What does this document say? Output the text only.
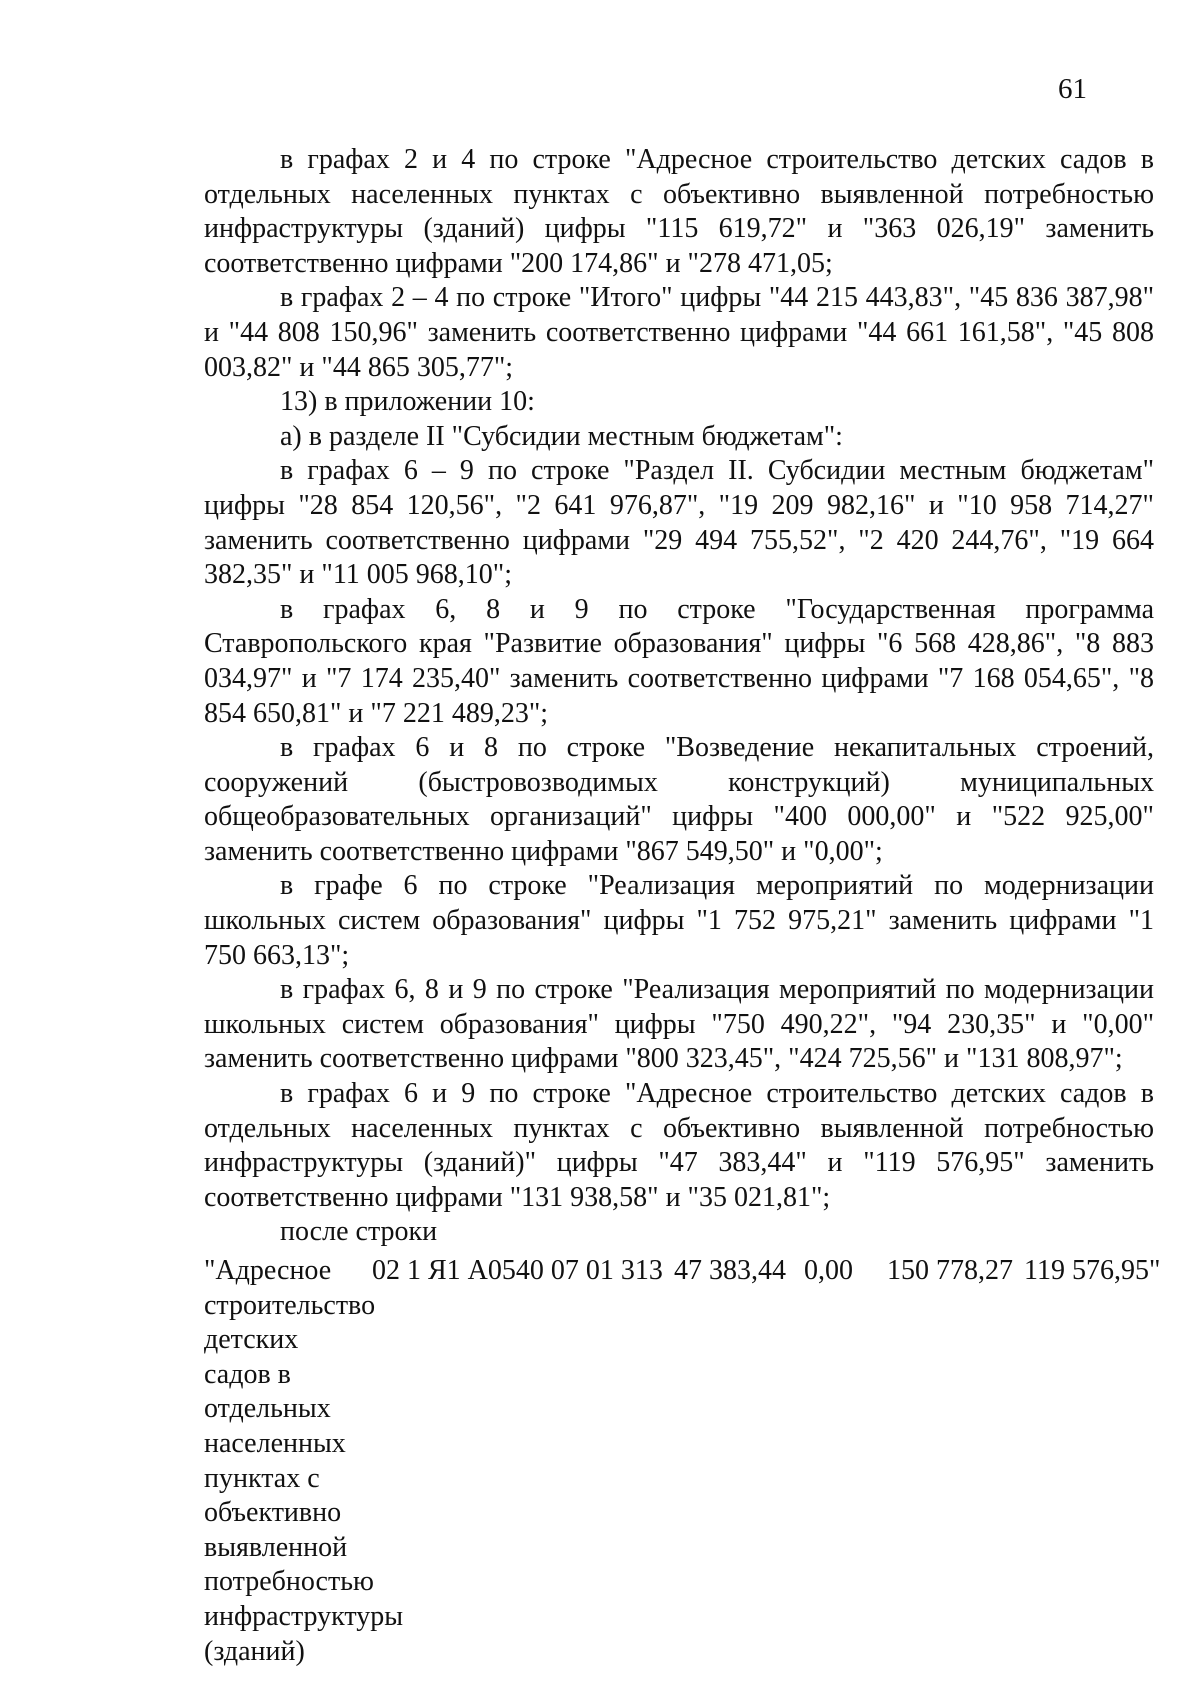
61

в графах 2 и 4 по строке "Адресное строительство детских садов в отдельных населенных пунктах с объективно выявленной потребностью инфраструктуры (зданий) цифры "115 619,72" и "363 026,19" заменить соответственно цифрами "200 174,86" и "278 471,05;

в графах 2 – 4 по строке "Итого" цифры "44 215 443,83", "45 836 387,98" и "44 808 150,96" заменить соответственно цифрами "44 661 161,58", "45 808 003,82" и "44 865 305,77";

13) в приложении 10:

а) в разделе II "Субсидии местным бюджетам":

в графах 6 – 9 по строке "Раздел II. Субсидии местным бюджетам" цифры "28 854 120,56", "2 641 976,87", "19 209 982,16" и "10 958 714,27" заменить соответственно цифрами "29 494 755,52", "2 420 244,76", "19 664 382,35" и "11 005 968,10";

в графах 6, 8 и 9 по строке "Государственная программа Ставропольского края "Развитие образования" цифры "6 568 428,86", "8 883 034,97" и "7 174 235,40" заменить соответственно цифрами "7 168 054,65", "8 854 650,81" и "7 221 489,23";

в графах 6 и 8 по строке "Возведение некапитальных строений, сооружений (быстровозводимых конструкций) муниципальных общеобразовательных организаций" цифры "400 000,00" и "522 925,00" заменить соответственно цифрами "867 549,50" и "0,00";

в графе 6 по строке "Реализация мероприятий по модернизации школьных систем образования" цифры "1 752 975,21" заменить цифрами "1 750 663,13";

в графах 6, 8 и 9 по строке "Реализация мероприятий по модернизации школьных систем образования" цифры "750 490,22", "94 230,35" и "0,00" заменить соответственно цифрами "800 323,45", "424 725,56" и "131 808,97";

в графах 6 и 9 по строке "Адресное строительство детских садов в отдельных населенных пунктах с объективно выявленной потребностью инфраструктуры (зданий)" цифры "47 383,44" и "119 576,95" заменить соответственно цифрами "131 938,58" и "35 021,81";

после строки

"Адресное строительство детских садов в отдельных населенных пунктах с объективно выявленной потребностью инфраструктуры (зданий)
02 1 Я1 А0540 07 01 313 47 383,44 0,00 150 778,27 119 576,95"
